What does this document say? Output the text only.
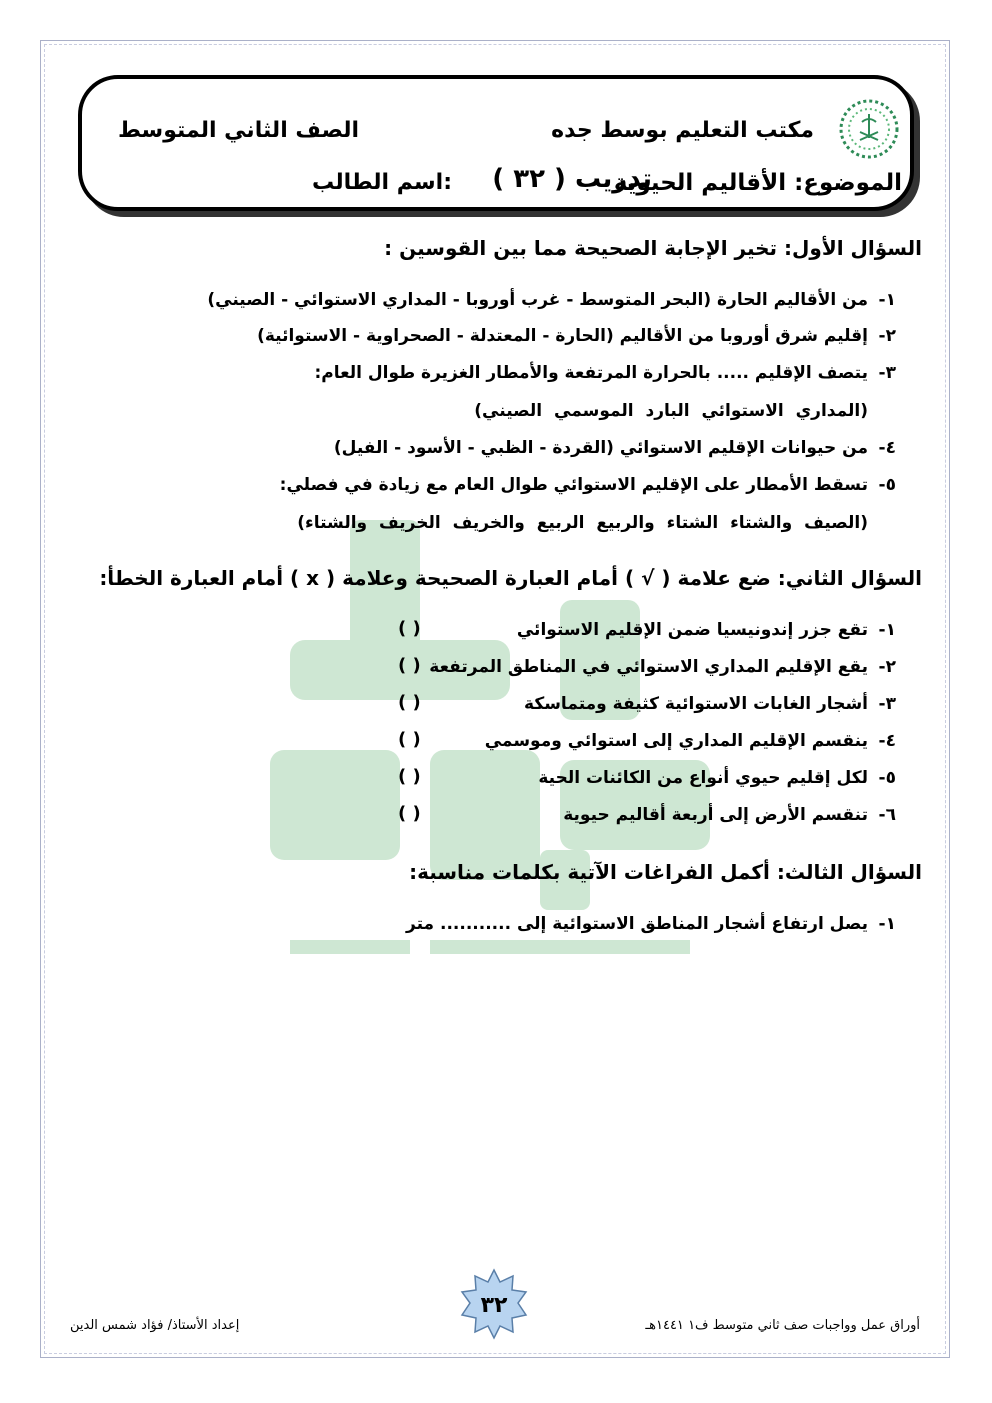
مكتب التعليم بوسط جده
الصف الثاني المتوسط
الموضوع: الأقاليم الحيوية
تدريب ( ٣٢ )
اسم الطالب:
السؤال الأول: تخير الإجابة الصحيحة مما بين القوسين :
١-من الأقاليم الحارة (البحر المتوسط - غرب أوروبا - المداري الاستوائي - الصيني)
٢-إقليم شرق أوروبا من الأقاليم (الحارة - المعتدلة - الصحراوية - الاستوائية)
٣-يتصف الإقليم ..... بالحرارة المرتفعة والأمطار الغزيرة طوال العام:
(المداري الاستوائي البارد الموسمي الصيني)
٤-من حيوانات الإقليم الاستوائي (القردة - الظبي - الأسود - الفيل)
٥-تسقط الأمطار على الإقليم الاستوائي طوال العام مع زيادة في فصلي:
(الصيف والشتاء الشتاء والربيع الربيع والخريف الخريف والشتاء)
السؤال الثاني: ضع علامة ( √ ) أمام العبارة الصحيحة وعلامة ( x ) أمام العبارة الخطأ:
١-تقع جزر إندونيسيا ضمن الإقليم الاستوائي
( )
٢-يقع الإقليم المداري الاستوائي في المناطق المرتفعة
( )
٣-أشجار الغابات الاستوائية كثيفة ومتماسكة
( )
٤-ينقسم الإقليم المداري إلى استوائي وموسمي
( )
٥-لكل إقليم حيوي أنواع من الكائنات الحية
( )
٦-تنقسم الأرض إلى أربعة أقاليم حيوية
( )
السؤال الثالث: أكمل الفراغات الآتية بكلمات مناسبة:
١-يصل ارتفاع أشجار المناطق الاستوائية إلى ........... متر
٣٢
إعداد الأستاذ/ فؤاد شمس الدين	أوراق عمل وواجبات صف ثاني متوسط ف١ ١٤٤١هـ
